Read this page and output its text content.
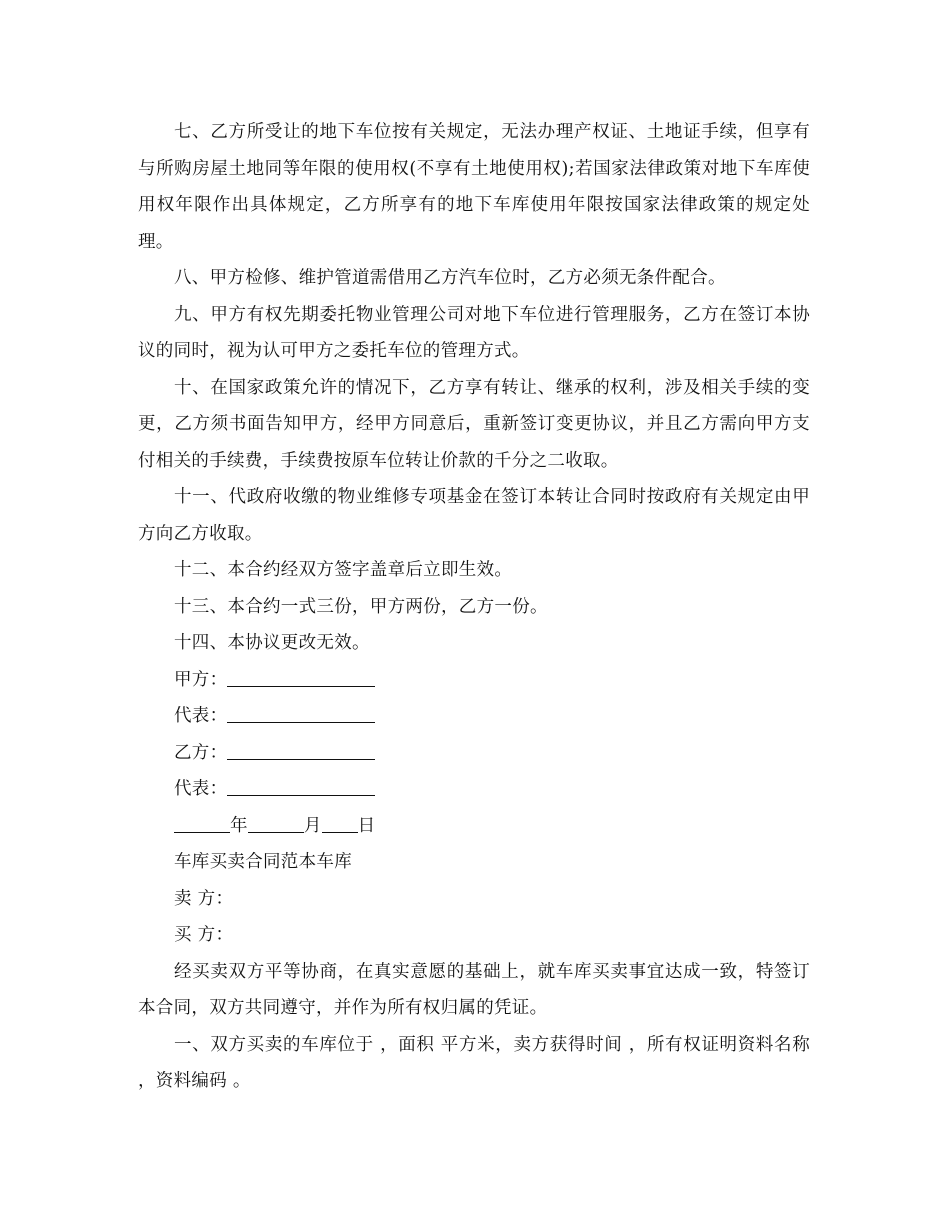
七、乙方所受让的地下车位按有关规定，无法办理产权证、土地证手续，但享有与所购房屋土地同等年限的使用权(不享有土地使用权);若国家法律政策对地下车库使用权年限作出具体规定，乙方所享有的地下车库使用年限按国家法律政策的规定处理。

八、甲方检修、维护管道需借用乙方汽车位时，乙方必须无条件配合。

九、甲方有权先期委托物业管理公司对地下车位进行管理服务，乙方在签订本协议的同时，视为认可甲方之委托车位的管理方式。

十、在国家政策允许的情况下，乙方享有转让、继承的权利，涉及相关手续的变更，乙方须书面告知甲方，经甲方同意后，重新签订变更协议，并且乙方需向甲方支付相关的手续费，手续费按原车位转让价款的千分之二收取。

十一、代政府收缴的物业维修专项基金在签订本转让合同时按政府有关规定由甲方向乙方收取。

十二、本合约经双方签字盖章后立即生效。

十三、本合约一式三份，甲方两份，乙方一份。

十四、本协议更改无效。

甲方：

代表：

乙方：

代表：

年	月 日

车库买卖合同范本车库

卖 方：

买 方：

经买卖双方平等协商，在真实意愿的基础上，就车库买卖事宜达成一致，特签订本合同，双方共同遵守，并作为所有权归属的凭证。

一、双方买卖的车库位于 ，面积 平方米，卖方获得时间 ，所有权证明资料名称 ，资料编码 。
